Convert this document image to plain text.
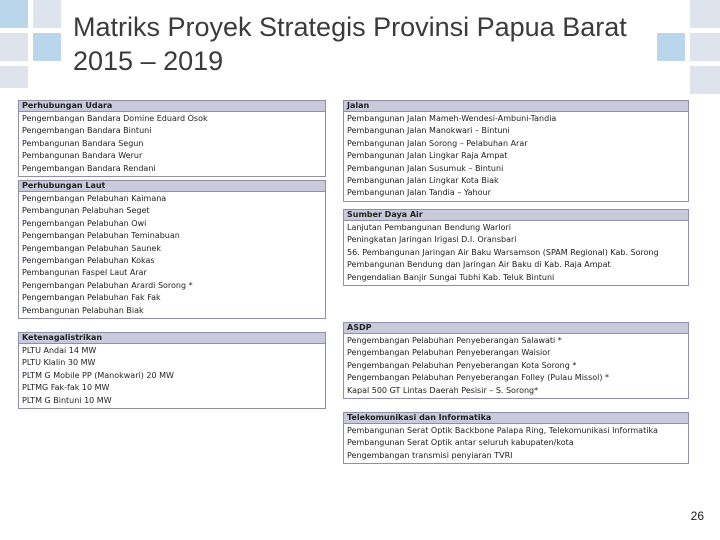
Matriks Proyek Strategis Provinsi Papua Barat 2015 – 2019
Perhubungan Udara
Pengembangan Bandara Domine Eduard Osok
Pengembangan Bandara Bintuni
Pembangunan Bandara Segun
Pembangunan Bandara Werur
Pengembangan Bandara Rendani
Perhubungan Laut
Pengembangan Pelabuhan Kaimana
Pembangunan Pelabuhan Seget
Pengembangan Pelabuhan Owi
Pengembangan Pelabuhan Teminabuan
Pengembangan Pelabuhan Saunek
Pengembangan Pelabuhan Kokas
Pembangunan Faspel Laut Arar
Pengembangan Pelabuhan Arardi Sorong *
Pengembangan Pelabuhan Fak Fak
Pembangunan Pelabuhan Biak
Ketenagalistrikan
PLTU Andai 14 MW
PLTU Klalin 30 MW
PLTM G Mobile PP (Manokwari) 20 MW
PLTMG Fak-fak 10 MW
PLTM G Bintuni 10 MW
Jalan
Pembangunan Jalan Mameh-Wendesi-Ambuni-Tandia
Pembangunan Jalan Manokwari – Bintuni
Pembangunan Jalan Sorong – Pelabuhan Arar
Pembangunan Jalan Lingkar Raja Ampat
Pembangunan Jalan Susumuk – Bintuni
Pembangunan Jalan Lingkar Kota Biak
Pembangunan Jalan Tandia – Yahour
Sumber Daya Air
Lanjutan Pembangunan Bendung Warlori
Peningkatan Jaringan Irigasi D.I. Oransbari
56. Pembangunan Jaringan Air Baku Warsamson (SPAM Regional) Kab. Sorong
Pembangunan Bendung dan Jaringan Air Baku di Kab. Raja Ampat
Pengendalian Banjir Sungai Tubhi Kab. Teluk Bintuni
ASDP
Pengembangan Pelabuhan Penyeberangan Salawati *
Pengembangan Pelabuhan Penyeberangan Waisior
Pengembangan Pelabuhan Penyeberangan Kota Sorong *
Pengembangan Pelabuhan Penyeberangan Folley (Pulau Missol) *
Kapal 500 GT Lintas Daerah Pesisir – S. Sorong*
Telekomunikasi dan Informatika
Pembangunan Serat Optik Backbone Palapa Ring, Telekomunikasi Informatika
Pembangunan Serat Optik antar seluruh kabupaten/kota
Pengembangan transmisi penyiaran TVRI
26
